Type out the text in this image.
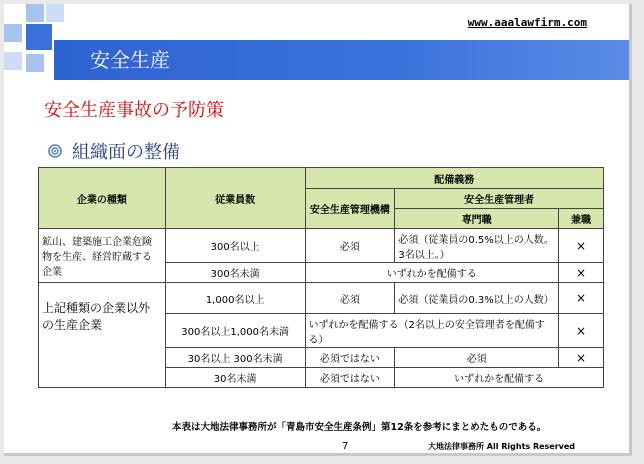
www.aaalawfirm.com
安全生産
安全生産事故の予防策
組織面の整備
企業の種類	従業員数	配備義務		
		安全生産管理機構	安全生産管理者	
			専門職	兼職
鉱山、建築施工企業危険物を生産、経営貯蔵する企業	300名以上	必須	必須（従業員の0.5%以上の人数。3名以上。）	×
	300名未満	いずれかを配備する		×
上記種類の企業以外の生産企業	1,000名以上	必須	必須（従業員の0.3%以上の人数）	×
	300名以上1,000名未満	いずれかを配備する（2名以上の安全管理者を配備する）		×
	30名以上 300名未満	必須ではない	必須	×
	30名未満	必須ではない	いずれかを配備する	
本表は大地法律事務所が「青島市安全生産条例」第12条を参考にまとめたものである。
7	大地法律事務所 All Rights Reserved
